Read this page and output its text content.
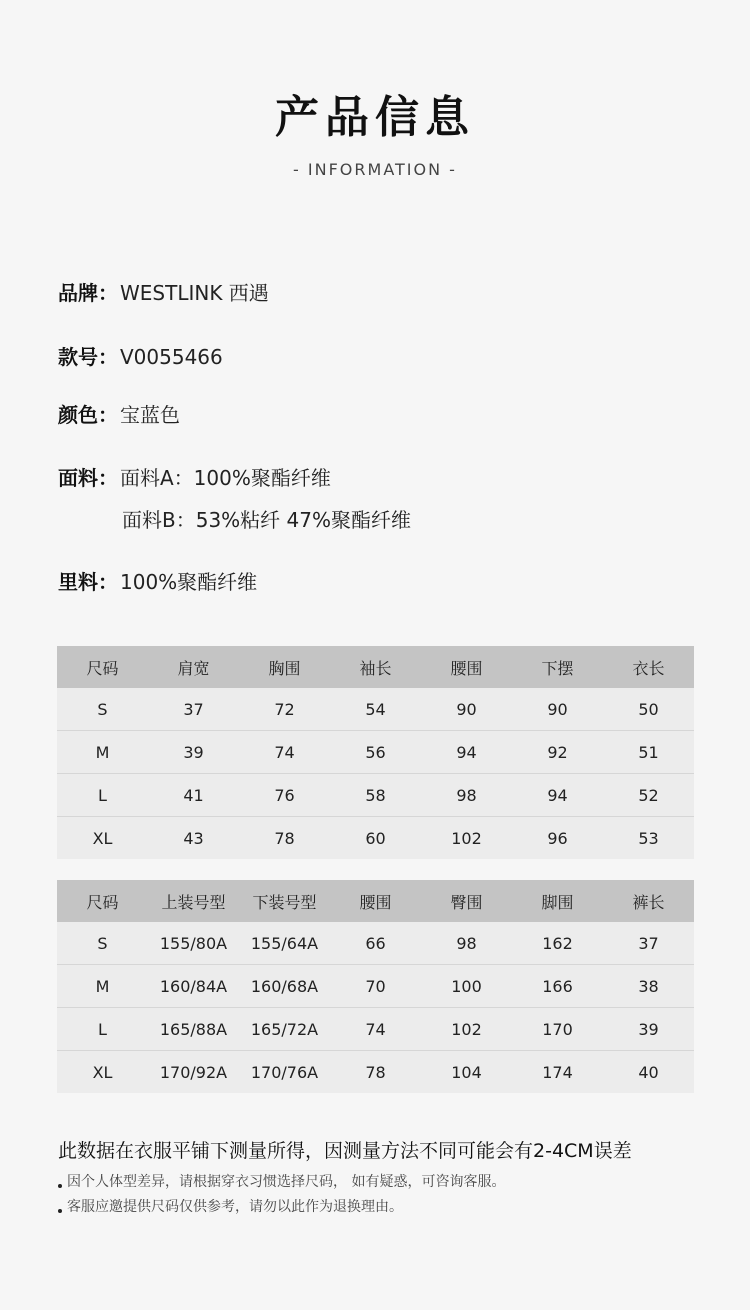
产品信息
- INFORMATION -
品牌： WESTLINK 西遇
款号： V0055466
颜色： 宝蓝色
面料： 面料A：100%聚酯纤维
面料B：53%粘纤 47%聚酯纤维
里料： 100%聚酯纤维
尺码	肩宽	胸围	袖长	腰围	下摆	衣长
S	37	72	54	90	90	50
M	39	74	56	94	92	51
L	41	76	58	98	94	52
XL	43	78	60	102	96	53
尺码	上装号型	下装号型	腰围	臀围	脚围	裤长
S	155/80A	155/64A	66	98	162	37
M	160/84A	160/68A	70	100	166	38
L	165/88A	165/72A	74	102	170	39
XL	170/92A	170/76A	78	104	174	40
此数据在衣服平铺下测量所得，因测量方法不同可能会有2-4CM误差
因个人体型差异，请根据穿衣习惯选择尺码， 如有疑惑，可咨询客服。
客服应邀提供尺码仅供参考，请勿以此作为退换理由。
